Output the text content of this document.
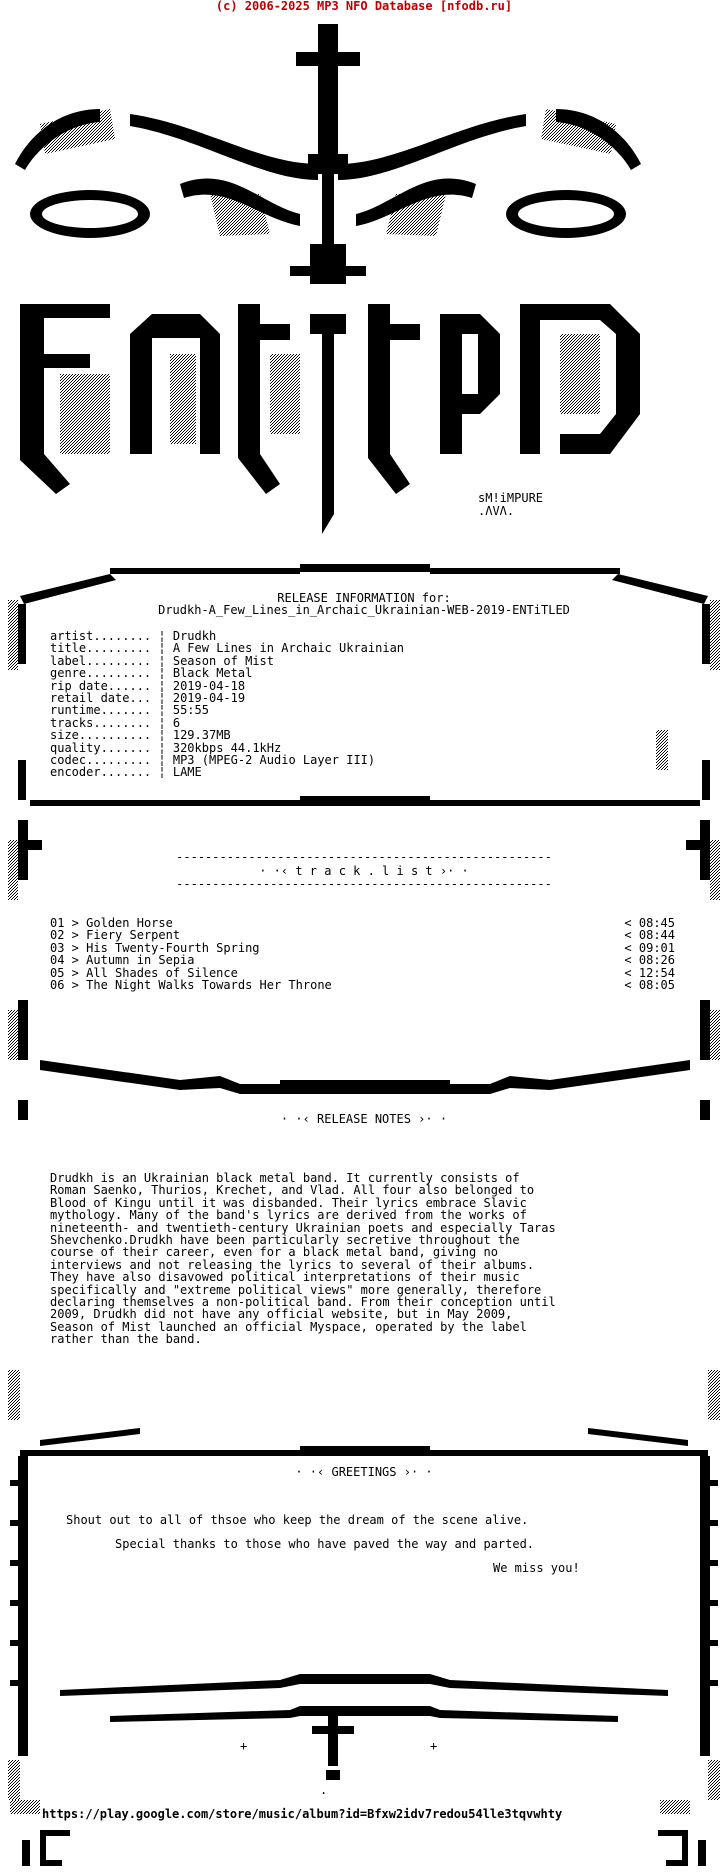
(c) 2006-2025 MP3 NFO Database [nfodb.ru]
sM!iMPURE
.ΛVΛ.
RELEASE INFORMATION for:
Drudkh-A_Few_Lines_in_Archaic_Ukrainian-WEB-2019-ENTiTLED
artist........ ¦ Drudkh
title......... ¦ A Few Lines in Archaic Ukrainian
label......... ¦ Season of Mist
genre......... ¦ Black Metal
rip date...... ¦ 2019-04-18
retail date... ¦ 2019-04-19
runtime....... ¦ 55:55
tracks........ ¦ 6
size.......... ¦ 129.37MB
quality....... ¦ 320kbps 44.1kHz
codec......... ¦ MP3 (MPEG-2 Audio Layer III)
encoder....... ¦ LAME
----------------------------------------------------
· ·‹ t r a c k . l i s t ›· ·
----------------------------------------------------
01 > Golden Horse	< 08:45
02 > Fiery Serpent	< 08:44
03 > His Twenty-Fourth Spring	< 09:01
04 > Autumn in Sepia	< 08:26
05 > All Shades of Silence	< 12:54
06 > The Night Walks Towards Her Throne	< 08:05
· ·‹ RELEASE NOTES ›· ·
Drudkh is an Ukrainian black metal band. It currently consists of
Roman Saenko, Thurios, Krechet, and Vlad. All four also belonged to
Blood of Kingu until it was disbanded. Their lyrics embrace Slavic
mythology. Many of the band's lyrics are derived from the works of
nineteenth- and twentieth-century Ukrainian poets and especially Taras
Shevchenko.Drudkh have been particularly secretive throughout the
course of their career, even for a black metal band, giving no
interviews and not releasing the lyrics to several of their albums.
They have also disavowed political interpretations of their music
specifically and "extreme political views" more generally, therefore
declaring themselves a non-political band. From their conception until
2009, Drudkh did not have any official website, but in May 2009,
Season of Mist launched an official Myspace, operated by the label
rather than the band.
+	+
.
· ·‹ GREETINGS ›· ·
Shout out to all of thsoe who keep the dream of the scene alive.
Special thanks to those who have paved the way and parted.
We miss you!
https://play.google.com/store/music/album?id=Bfxw2idv7redou54lle3tqvwhty
